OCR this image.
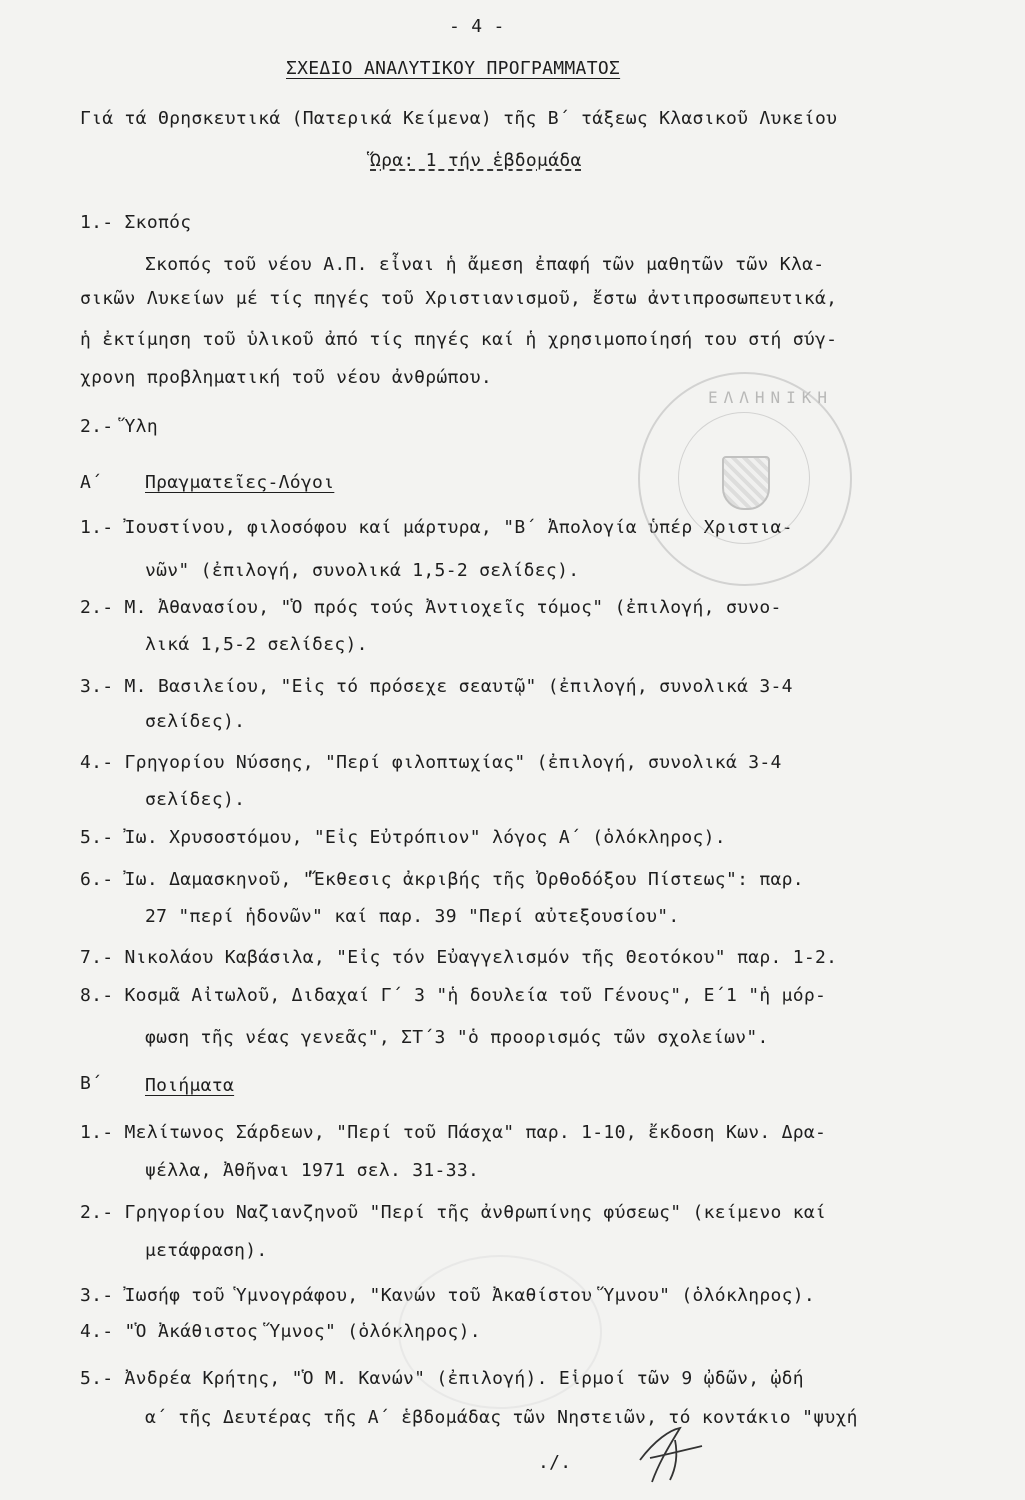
- 4 -
ΣΧΕΔΙΟ ΑΝΑΛΥΤΙΚΟΥ ΠΡΟΓΡΑΜΜΑΤΟΣ
Γιά τά Θρησκευτικά (Πατερικά Κείμενα) τῆς Β΄ τάξεως Κλασικοῦ Λυκείου
Ὥρα: 1 τήν ἑβδομάδα
1.- Σκοπός
Σκοπός τοῦ νέου Α.Π. εἶναι ἡ ἄμεση ἐπαφή τῶν μαθητῶν τῶν Κλα-
σικῶν Λυκείων μέ τίς πηγές τοῦ Χριστιανισμοῦ, ἔστω ἀντιπροσωπευτικά,
ἡ ἐκτίμηση τοῦ ὑλικοῦ ἀπό τίς πηγές καί ἡ χρησιμοποίησή του στή σύγ-
χρονη προβληματική τοῦ νέου ἀνθρώπου.
2.- Ὕλη
Α΄ Πραγματεῖες-Λόγοι
1.- Ἰουστίνου, φιλοσόφου καί μάρτυρα, "Β΄ Ἀπολογία ὑπέρ Χριστια-
νῶν" (ἐπιλογή, συνολικά 1,5-2 σελίδες).
2.- Μ. Ἀθανασίου, "Ὁ πρός τούς Ἀντιοχεῖς τόμος" (ἐπιλογή, συνο-
λικά 1,5-2 σελίδες).
3.- Μ. Βασιλείου, "Εἰς τό πρόσεχε σεαυτῷ" (ἐπιλογή, συνολικά 3-4
σελίδες).
4.- Γρηγορίου Νύσσης, "Περί φιλοπτωχίας" (ἐπιλογή, συνολικά 3-4
σελίδες).
5.- Ἰω. Χρυσοστόμου, "Εἰς Εὐτρόπιον" λόγος Α΄ (ὁλόκληρος).
6.- Ἰω. Δαμασκηνοῦ, "Ἔκθεσις ἀκριβής τῆς Ὀρθοδόξου Πίστεως": παρ.
27 "περί ἡδονῶν" καί παρ. 39 "Περί αὐτεξουσίου".
7.- Νικολάου Καβάσιλα, "Εἰς τόν Εὐαγγελισμόν τῆς Θεοτόκου" παρ. 1-2.
8.- Κοσμᾶ Αἰτωλοῦ, Διδαχαί Γ΄ 3 "ἡ δουλεία τοῦ Γένους", Ε΄1 "ἡ μόρ-
φωση τῆς νέας γενεᾶς", ΣΤ΄3 "ὁ προορισμός τῶν σχολείων".
Β΄ Ποιήματα
1.- Μελίτωνος Σάρδεων, "Περί τοῦ Πάσχα" παρ. 1-10, ἔκδοση Κων. Δρα-
ψέλλα, Ἀθῆναι 1971 σελ. 31-33.
2.- Γρηγορίου Ναζιανζηνοῦ "Περί τῆς ἀνθρωπίνης φύσεως" (κείμενο καί
μετάφραση).
3.- Ἰωσήφ τοῦ Ὑμνογράφου, "Κανών τοῦ Ἀκαθίστου Ὕμνου" (ὁλόκληρος).
4.- "Ὁ Ἀκάθιστος Ὕμνος" (ὁλόκληρος).
5.- Ἀνδρέα Κρήτης, "Ὁ Μ. Κανών" (ἐπιλογή). Εἱρμοί τῶν 9 ᾠδῶν, ᾠδή
α΄ τῆς Δευτέρας τῆς Α΄ ἑβδομάδας τῶν Νηστειῶν, τό κοντάκιο "ψυχή
./.
ΕΛΛΗΝΙΚΗ
